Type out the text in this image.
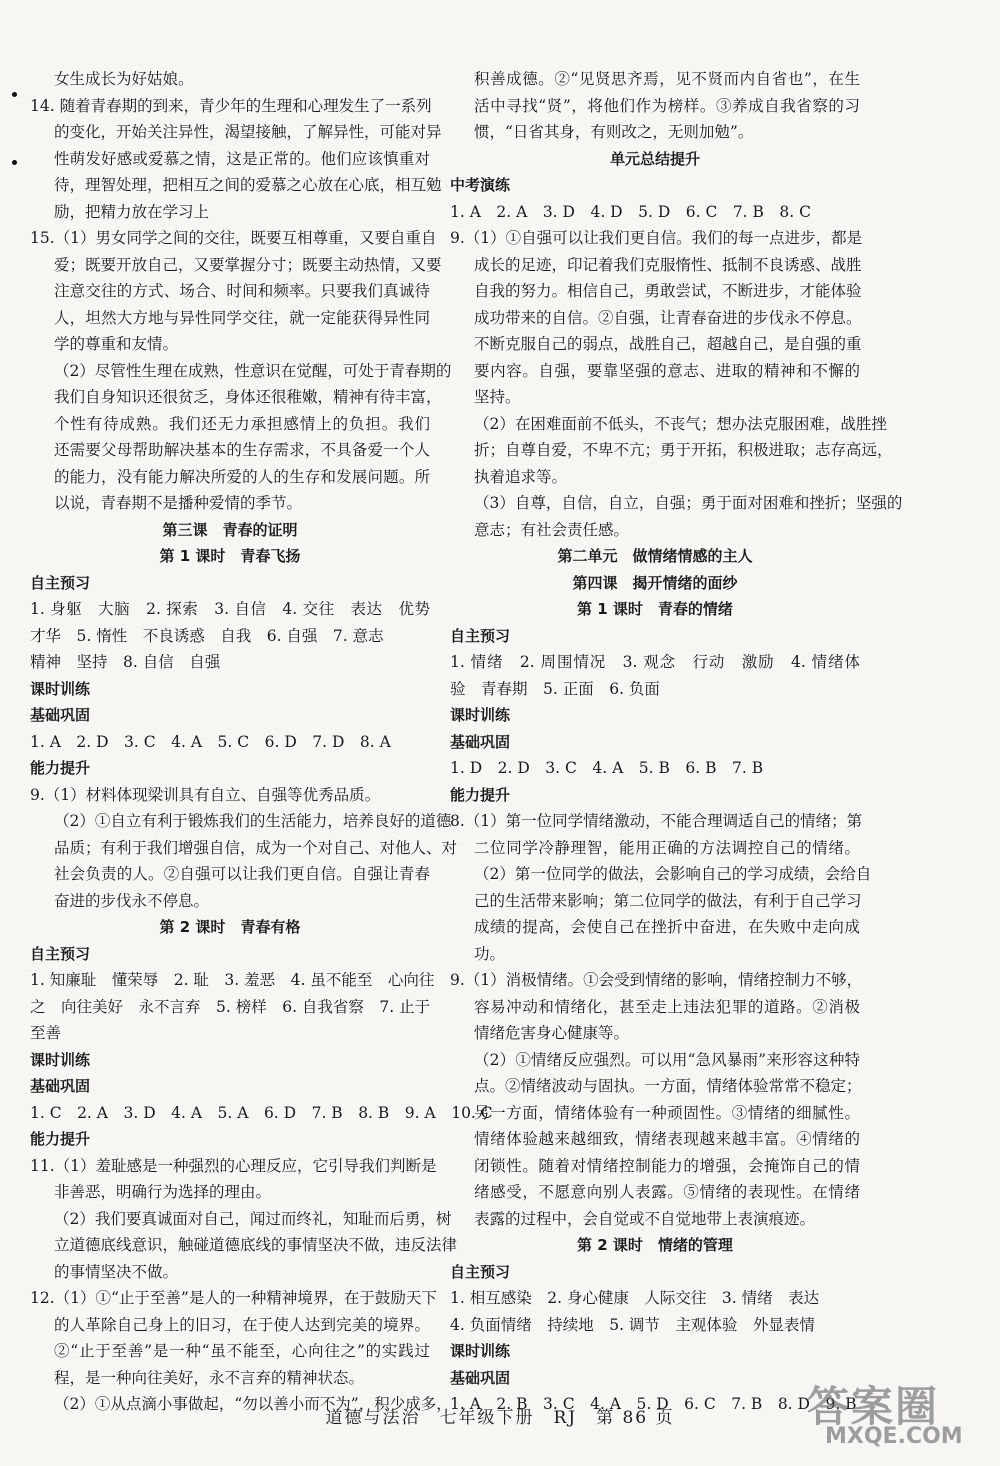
女生成长为好姑娘。
14. 随着青春期的到来，青少年的生理和心理发生了一系列
的变化，开始关注异性，渴望接触，了解异性，可能对异
性萌发好感或爱慕之情，这是正常的。他们应该慎重对
待，理智处理，把相互之间的爱慕之心放在心底，相互勉
励，把精力放在学习上
15.（1）男女同学之间的交往，既要互相尊重，又要自重自
爱；既要开放自己，又要掌握分寸；既要主动热情，又要
注意交往的方式、场合、时间和频率。只要我们真诚待
人，坦然大方地与异性同学交往，就一定能获得异性同
学的尊重和友情。
（2）尽管性生理在成熟，性意识在觉醒，可处于青春期的
我们自身知识还很贫乏，身体还很稚嫩，精神有待丰富，
个性有待成熟。我们还无力承担感情上的负担。我们
还需要父母帮助解决基本的生存需求，不具备爱一个人
的能力，没有能力解决所爱的人的生存和发展问题。所
以说，青春期不是播种爱情的季节。
第三课　青春的证明
第 1 课时　青春飞扬
自主预习
1. 身躯　大脑　2. 探索　3. 自信　4. 交往　表达　优势
才华　5. 惰性　不良诱惑　自我　6. 自强　7. 意志
精神　坚持　8. 自信　自强
课时训练
基础巩固
1. A　2. D　3. C　4. A　5. C　6. D　7. D　8. A
能力提升
9.（1）材料体现梁训具有自立、自强等优秀品质。
（2）①自立有利于锻炼我们的生活能力，培养良好的道德
品质；有利于我们增强自信，成为一个对自己、对他人、对
社会负责的人。②自强可以让我们更自信。自强让青春
奋进的步伐永不停息。
第 2 课时　青春有格
自主预习
1. 知廉耻　懂荣辱　2. 耻　3. 羞恶　4. 虽不能至　心向往
之　向往美好　永不言弃　5. 榜样　6. 自我省察　7. 止于
至善
课时训练
基础巩固
1. C　2. A　3. D　4. A　5. A　6. D　7. B　8. B　9. A　10. C
能力提升
11.（1）羞耻感是一种强烈的心理反应，它引导我们判断是
非善恶，明确行为选择的理由。
（2）我们要真诚面对自己，闻过而终礼，知耻而后勇，树
立道德底线意识，触碰道德底线的事情坚决不做，违反法律
的事情坚决不做。
12.（1）①“止于至善”是人的一种精神境界，在于鼓励天下
的人革除自己身上的旧习，在于使人达到完美的境界。
②“止于至善”是一种“虽不能至，心向往之”的实践过
程，是一种向往美好，永不言弃的精神状态。
（2）①从点滴小事做起，“勿以善小而不为”，积少成多，
积善成德。②“见贤思齐焉，见不贤而内自省也”，在生
活中寻找“贤”，将他们作为榜样。③养成自我省察的习
惯，“日省其身，有则改之，无则加勉”。
单元总结提升
中考演练
1. A　2. A　3. D　4. D　5. D　6. C　7. B　8. C
9.（1）①自强可以让我们更自信。我们的每一点进步，都是
成长的足迹，印记着我们克服惰性、抵制不良诱惑、战胜
自我的努力。相信自己，勇敢尝试，不断进步，才能体验
成功带来的自信。②自强，让青春奋进的步伐永不停息。
不断克服自己的弱点，战胜自己，超越自己，是自强的重
要内容。自强，要靠坚强的意志、进取的精神和不懈的
坚持。
（2）在困难面前不低头，不丧气；想办法克服困难，战胜挫
折；自尊自爱，不卑不亢；勇于开拓，积极进取；志存高远，
执着追求等。
（3）自尊，自信，自立，自强；勇于面对困难和挫折；坚强的
意志；有社会责任感。
第二单元　做情绪情感的主人
第四课　揭开情绪的面纱
第 1 课时　青春的情绪
自主预习
1. 情绪　2. 周围情况　3. 观念　行动　激励　4. 情绪体
验　青春期　5. 正面　6. 负面
课时训练
基础巩固
1. D　2. D　3. C　4. A　5. B　6. B　7. B
能力提升
8.（1）第一位同学情绪激动，不能合理调适自己的情绪；第
二位同学冷静理智，能用正确的方法调控自己的情绪。
（2）第一位同学的做法，会影响自己的学习成绩，会给自
己的生活带来影响；第二位同学的做法，有利于自己学习
成绩的提高，会使自己在挫折中奋进，在失败中走向成
功。
9.（1）消极情绪。①会受到情绪的影响，情绪控制力不够，
容易冲动和情绪化，甚至走上违法犯罪的道路。②消极
情绪危害身心健康等。
（2）①情绪反应强烈。可以用“急风暴雨”来形容这种特
点。②情绪波动与固执。一方面，情绪体验常常不稳定；
另一方面，情绪体验有一种顽固性。③情绪的细腻性。
情绪体验越来越细致，情绪表现越来越丰富。④情绪的
闭锁性。随着对情绪控制能力的增强，会掩饰自己的情
绪感受，不愿意向别人表露。⑤情绪的表现性。在情绪
表露的过程中，会自觉或不自觉地带上表演痕迹。
第 2 课时　情绪的管理
自主预习
1. 相互感染　2. 身心健康　人际交往　3. 情绪　表达
4. 负面情绪　持续地　5. 调节　主观体验　外显表情
课时训练
基础巩固
1. A　2. B　3. C　4. A　5. D　6. C　7. B　8. D　9. B
道德与法治　七年级下册　RJ　第 86 页	答案圈
MXQE.COM
